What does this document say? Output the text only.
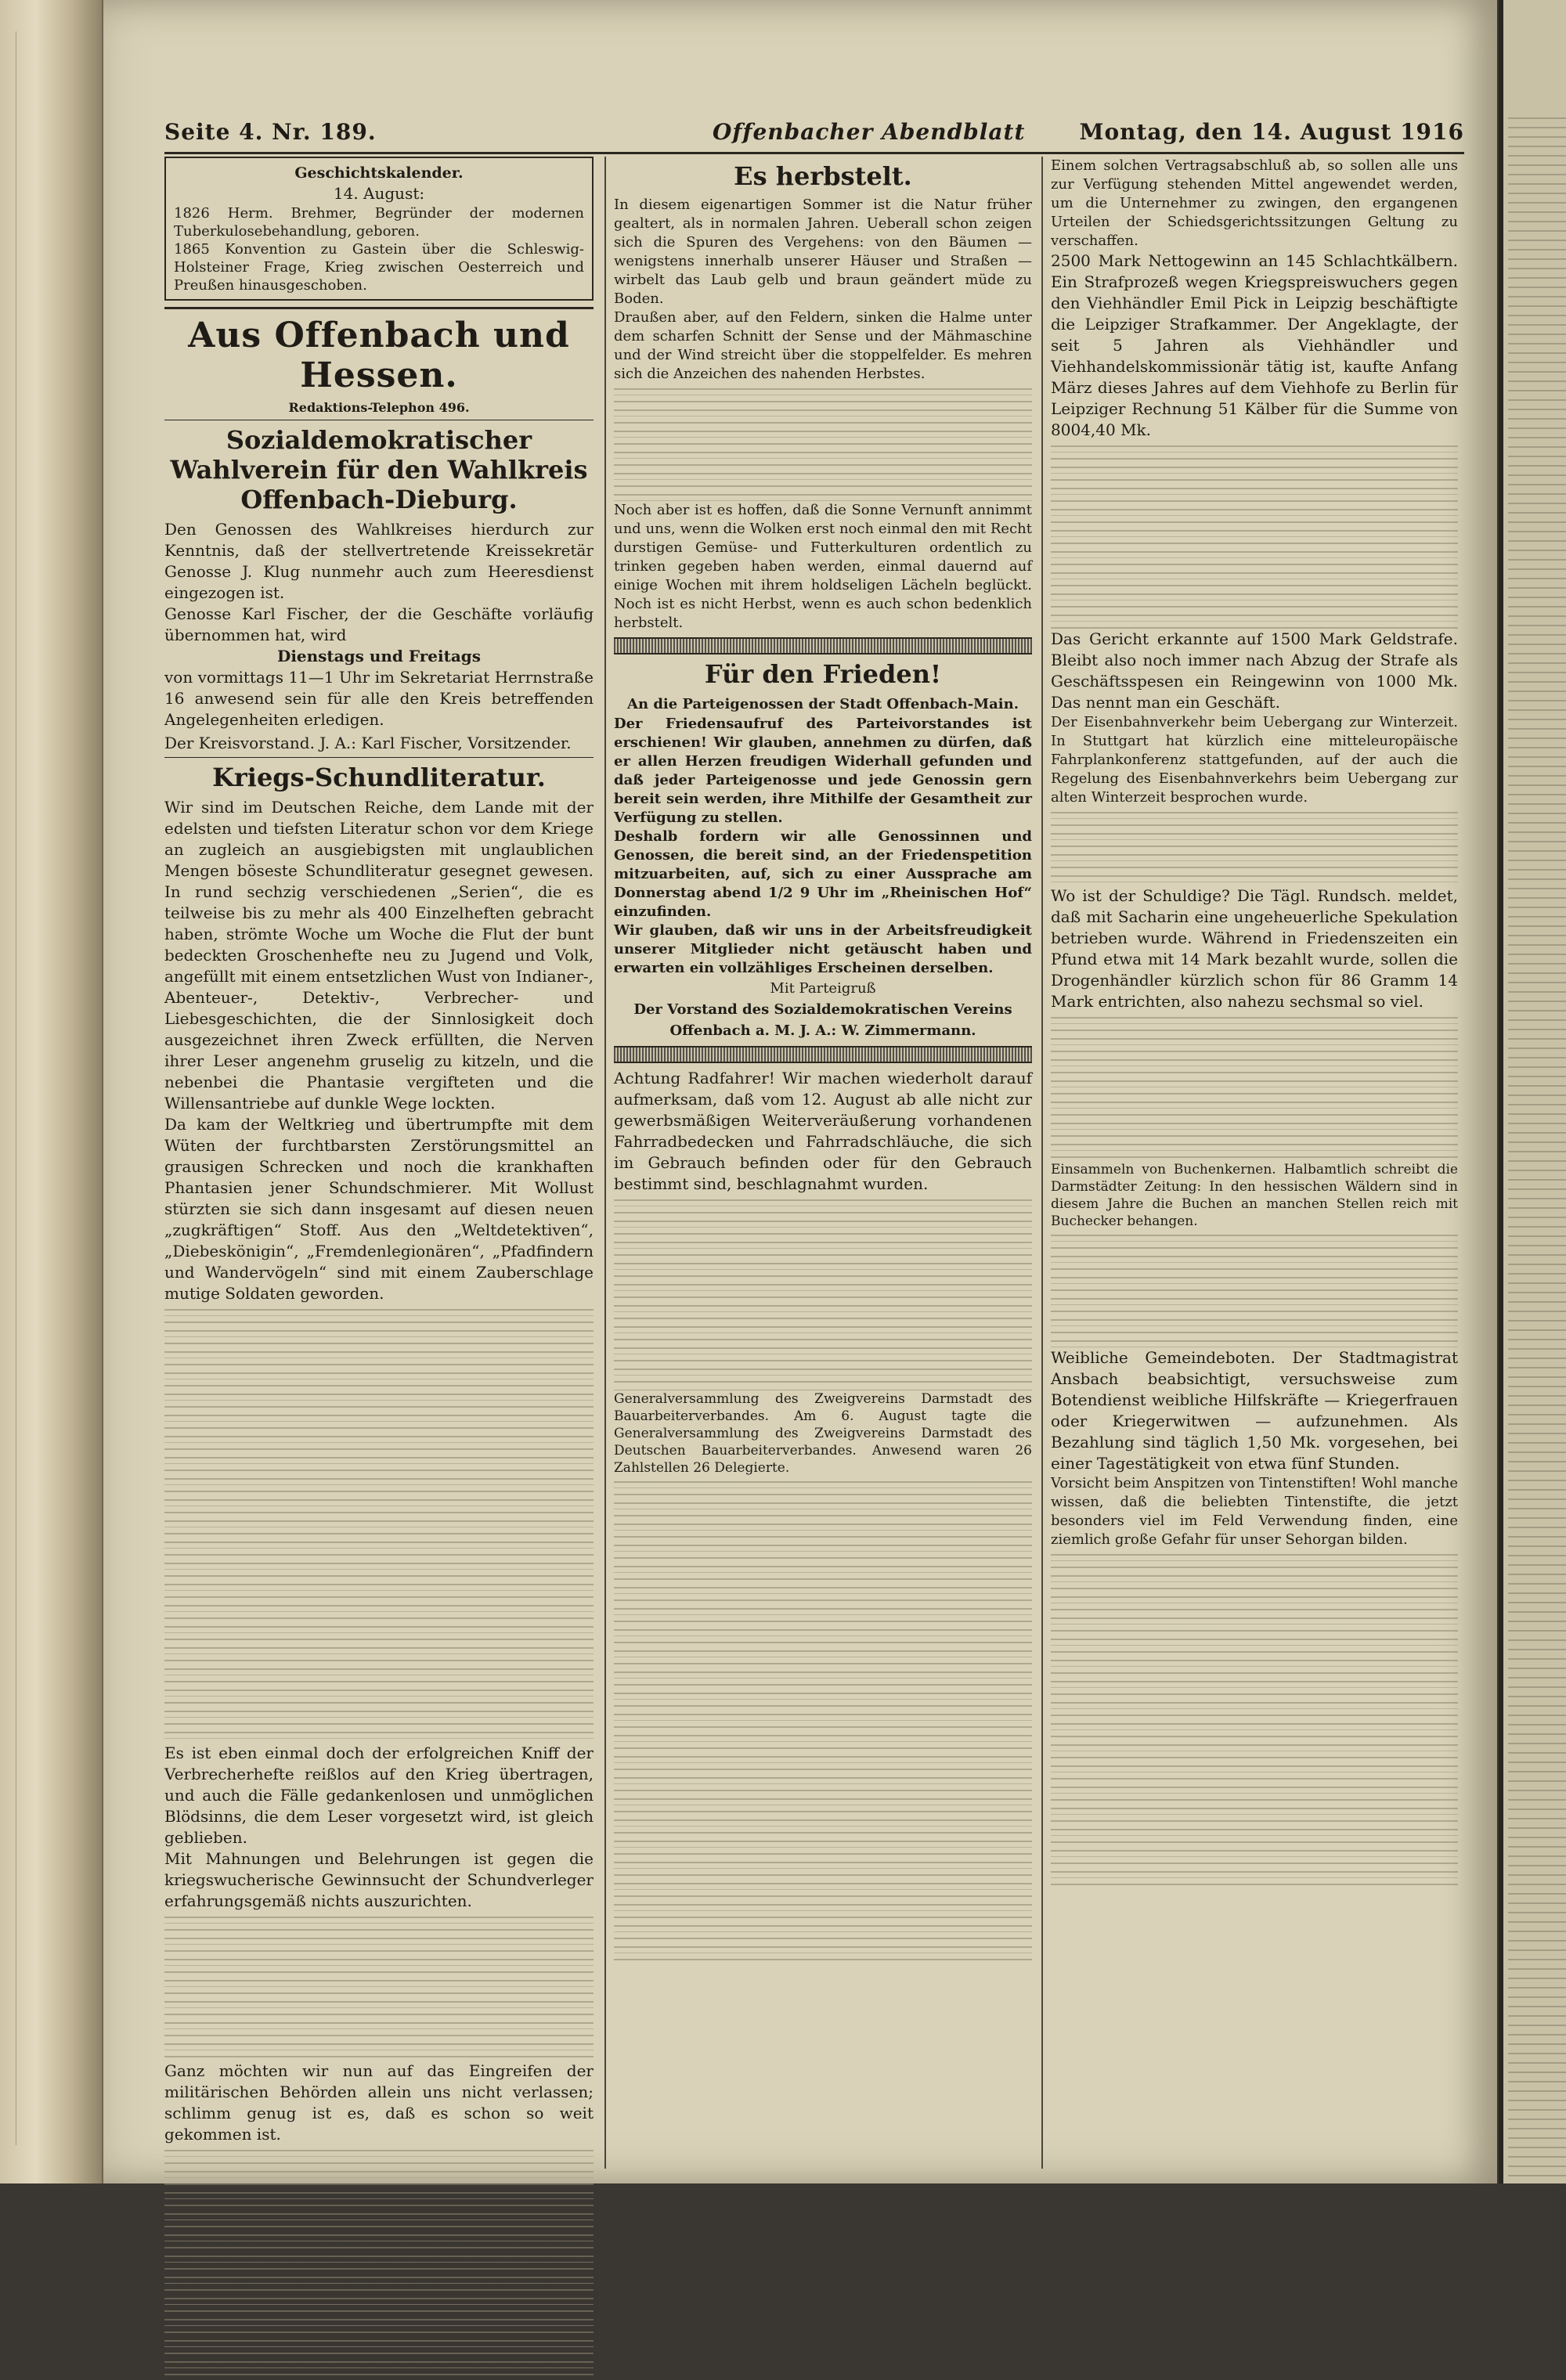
Seite 4. Nr. 189.	Offenbacher Abendblatt Montag, den 14. August 1916

Geschichtskalender.

14. August:

1826 Herm. Brehmer, Begründer der modernen Tuberkulosebehandlung, geboren.

1865 Konvention zu Gastein über die Schleswig-Holsteiner Frage, Krieg zwischen Oesterreich und Preußen hinausgeschoben.

Aus Offenbach und Hessen.

Redaktions-Telephon 496.

Sozialdemokratischer Wahlverein für den Wahlkreis Offenbach-Dieburg.

Den Genossen des Wahlkreises hierdurch zur Kenntnis, daß der stellvertretende Kreissekretär Genosse J. Klug nunmehr auch zum Heeresdienst eingezogen ist.

Genosse Karl Fischer, der die Geschäfte vorläufig übernommen hat, wird

Dienstags und Freitags

von vormittags 11—1 Uhr im Sekretariat Herrnstraße 16 anwesend sein für alle den Kreis betreffenden Angelegenheiten erledigen.

Der Kreisvorstand. J. A.: Karl Fischer, Vorsitzender.

Kriegs-Schundliteratur.

Wir sind im Deutschen Reiche, dem Lande mit der edelsten und tiefsten Literatur schon vor dem Kriege an zugleich an ausgiebigsten mit unglaublichen Mengen böseste Schundliteratur gesegnet gewesen. In rund sechzig verschiedenen „Serien“, die es teilweise bis zu mehr als 400 Einzelheften gebracht haben, strömte Woche um Woche die Flut der bunt bedeckten Groschenhefte neu zu Jugend und Volk, angefüllt mit einem entsetzlichen Wust von Indianer-, Abenteuer-, Detektiv-, Verbrecher- und Liebesgeschichten, die der Sinnlosigkeit doch ausgezeichnet ihren Zweck erfüllten, die Nerven ihrer Leser angenehm gruselig zu kitzeln, und die nebenbei die Phantasie vergifteten und die Willensantriebe auf dunkle Wege lockten.

Da kam der Weltkrieg und übertrumpfte mit dem Wüten der furchtbarsten Zerstörungsmittel an grausigen Schrecken und noch die krankhaften Phantasien jener Schundschmierer. Mit Wollust stürzten sie sich dann insgesamt auf diesen neuen „zugkräftigen“ Stoff. Aus den „Weltdetektiven“, „Diebeskönigin“, „Fremdenlegionären“, „Pfadfindern und Wandervögeln“ sind mit einem Zauberschlage mutige Soldaten geworden.

Es ist eben einmal doch der erfolgreichen Kniff der Verbrecherhefte reißlos auf den Krieg übertragen, und auch die Fälle gedankenlosen und unmöglichen Blödsinns, die dem Leser vorgesetzt wird, ist gleich geblieben.

Mit Mahnungen und Belehrungen ist gegen die kriegswucherische Gewinnsucht der Schundverleger erfahrungsgemäß nichts auszurichten.

Ganz möchten wir nun auf das Eingreifen der militärischen Behörden allein uns nicht verlassen; schlimm genug ist es, daß es schon so weit gekommen ist.

Es herbstelt.

In diesem eigenartigen Sommer ist die Natur früher gealtert, als in normalen Jahren. Ueberall schon zeigen sich die Spuren des Vergehens: von den Bäumen — wenigstens innerhalb unserer Häuser und Straßen — wirbelt das Laub gelb und braun geändert müde zu Boden.

Draußen aber, auf den Feldern, sinken die Halme unter dem scharfen Schnitt der Sense und der Mähmaschine und der Wind streicht über die stoppelfelder. Es mehren sich die Anzeichen des nahenden Herbstes.

Noch aber ist es hoffen, daß die Sonne Vernunft annimmt und uns, wenn die Wolken erst noch einmal den mit Recht durstigen Gemüse- und Futterkulturen ordentlich zu trinken gegeben haben werden, einmal dauernd auf einige Wochen mit ihrem holdseligen Lächeln beglückt. Noch ist es nicht Herbst, wenn es auch schon bedenklich herbstelt.

Für den Frieden!

An die Parteigenossen der Stadt Offenbach-Main.

Der Friedensaufruf des Parteivorstandes ist erschienen! Wir glauben, annehmen zu dürfen, daß er allen Herzen freudigen Widerhall gefunden und daß jeder Parteigenosse und jede Genossin gern bereit sein werden, ihre Mithilfe der Gesamtheit zur Verfügung zu stellen.

Deshalb fordern wir alle Genossinnen und Genossen, die bereit sind, an der Friedenspetition mitzuarbeiten, auf, sich zu einer Aussprache am Donnerstag abend 1/2 9 Uhr im „Rheinischen Hof“ einzufinden.

Wir glauben, daß wir uns in der Arbeitsfreudigkeit unserer Mitglieder nicht getäuscht haben und erwarten ein vollzähliges Erscheinen derselben.

Mit Parteigruß

Der Vorstand des Sozialdemokratischen Vereins Offenbach a. M. J. A.: W. Zimmermann.

Achtung Radfahrer! Wir machen wiederholt darauf aufmerksam, daß vom 12. August ab alle nicht zur gewerbsmäßigen Weiterveräußerung vorhandenen Fahrradbedecken und Fahrradschläuche, die sich im Gebrauch befinden oder für den Gebrauch bestimmt sind, beschlagnahmt wurden.

Generalversammlung des Zweigvereins Darmstadt des Bauarbeiterverbandes. Am 6. August tagte die Generalversammlung des Zweigvereins Darmstadt des Deutschen Bauarbeiterverbandes. Anwesend waren 26 Zahlstellen 26 Delegierte.

Einem solchen Vertragsabschluß ab, so sollen alle uns zur Verfügung stehenden Mittel angewendet werden, um die Unternehmer zu zwingen, den ergangenen Urteilen der Schiedsgerichtssitzungen Geltung zu verschaffen.

2500 Mark Nettogewinn an 145 Schlachtkälbern. Ein Strafprozeß wegen Kriegspreiswuchers gegen den Viehhändler Emil Pick in Leipzig beschäftigte die Leipziger Strafkammer. Der Angeklagte, der seit 5 Jahren als Viehhändler und Viehhandelskommissionär tätig ist, kaufte Anfang März dieses Jahres auf dem Viehhofe zu Berlin für Leipziger Rechnung 51 Kälber für die Summe von 8004,40 Mk.

Das Gericht erkannte auf 1500 Mark Geldstrafe. Bleibt also noch immer nach Abzug der Strafe als Geschäftsspesen ein Reingewinn von 1000 Mk. Das nennt man ein Geschäft.

Der Eisenbahnverkehr beim Uebergang zur Winterzeit. In Stuttgart hat kürzlich eine mitteleuropäische Fahrplankonferenz stattgefunden, auf der auch die Regelung des Eisenbahnverkehrs beim Uebergang zur alten Winterzeit besprochen wurde.

Wo ist der Schuldige? Die Tägl. Rundsch. meldet, daß mit Sacharin eine ungeheuerliche Spekulation betrieben wurde. Während in Friedenszeiten ein Pfund etwa mit 14 Mark bezahlt wurde, sollen die Drogenhändler kürzlich schon für 86 Gramm 14 Mark entrichten, also nahezu sechsmal so viel.

Einsammeln von Buchenkernen. Halbamtlich schreibt die Darmstädter Zeitung: In den hessischen Wäldern sind in diesem Jahre die Buchen an manchen Stellen reich mit Buchecker behangen.

Weibliche Gemeindeboten. Der Stadtmagistrat Ansbach beabsichtigt, versuchsweise zum Botendienst weibliche Hilfskräfte — Kriegerfrauen oder Kriegerwitwen — aufzunehmen. Als Bezahlung sind täglich 1,50 Mk. vorgesehen, bei einer Tagestätigkeit von etwa fünf Stunden.

Vorsicht beim Anspitzen von Tintenstiften! Wohl manche wissen, daß die beliebten Tintenstifte, die jetzt besonders viel im Feld Verwendung finden, eine ziemlich große Gefahr für unser Sehorgan bilden.
